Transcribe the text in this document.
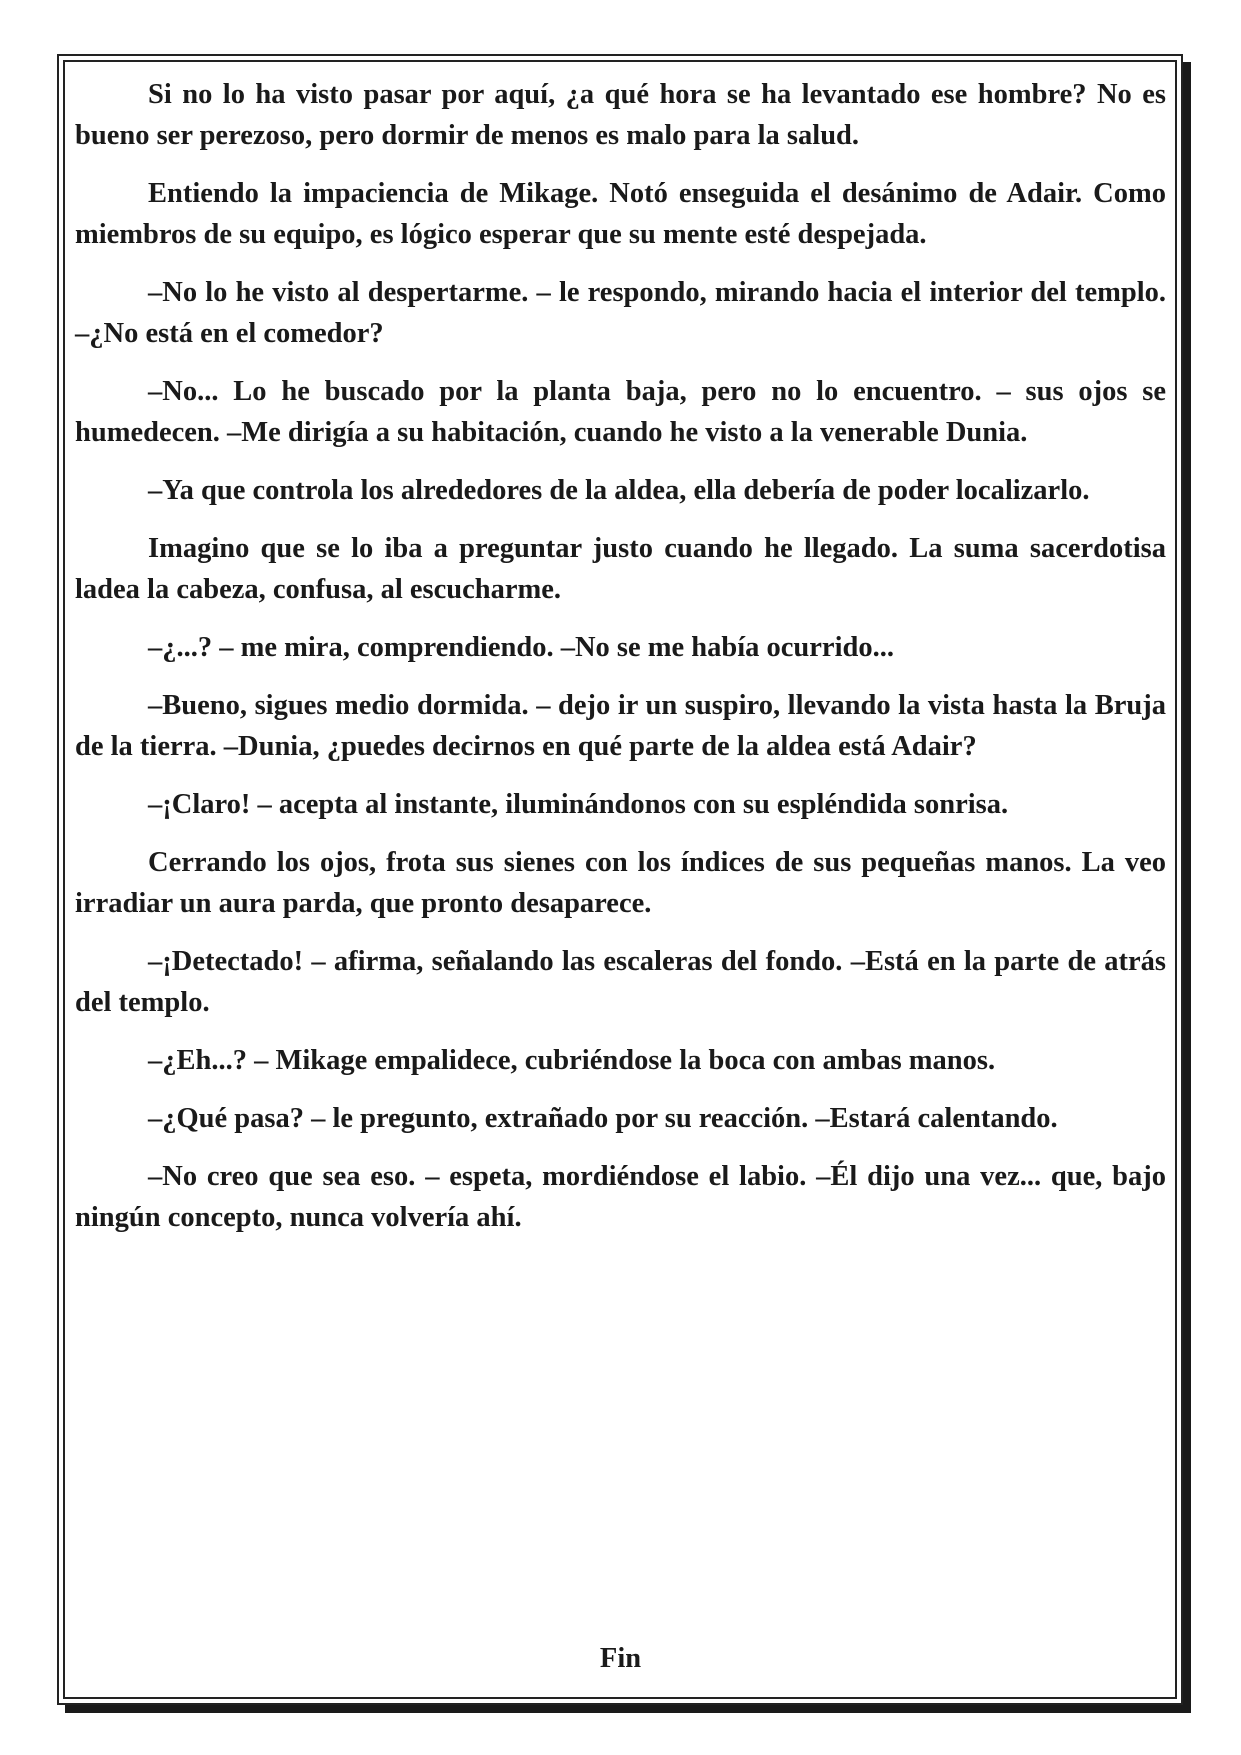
Si no lo ha visto pasar por aquí, ¿a qué hora se ha levantado ese hombre? No es bueno ser perezoso, pero dormir de menos es malo para la salud.

Entiendo la impaciencia de Mikage. Notó enseguida el desánimo de Adair. Como miembros de su equipo, es lógico esperar que su mente esté despejada.

–No lo he visto al despertarme. – le respondo, mirando hacia el interior del templo. –¿No está en el comedor?

–No... Lo he buscado por la planta baja, pero no lo encuentro. – sus ojos se humedecen. –Me dirigía a su habitación, cuando he visto a la venerable Dunia.

–Ya que controla los alrededores de la aldea, ella debería de poder localizarlo.

Imagino que se lo iba a preguntar justo cuando he llegado. La suma sacerdotisa ladea la cabeza, confusa, al escucharme.

–¿...? – me mira, comprendiendo. –No se me había ocurrido...

–Bueno, sigues medio dormida. – dejo ir un suspiro, llevando la vista hasta la Bruja de la tierra. –Dunia, ¿puedes decirnos en qué parte de la aldea está Adair?

–¡Claro! – acepta al instante, iluminándonos con su espléndida sonrisa.

Cerrando los ojos, frota sus sienes con los índices de sus pequeñas manos. La veo irradiar un aura parda, que pronto desaparece.

–¡Detectado! – afirma, señalando las escaleras del fondo. –Está en la parte de atrás del templo.

–¿Eh...? – Mikage empalidece, cubriéndose la boca con ambas manos.

–¿Qué pasa? – le pregunto, extrañado por su reacción. –Estará calentando.

–No creo que sea eso. – espeta, mordiéndose el labio. –Él dijo una vez... que, bajo ningún concepto, nunca volvería ahí.

Fin
